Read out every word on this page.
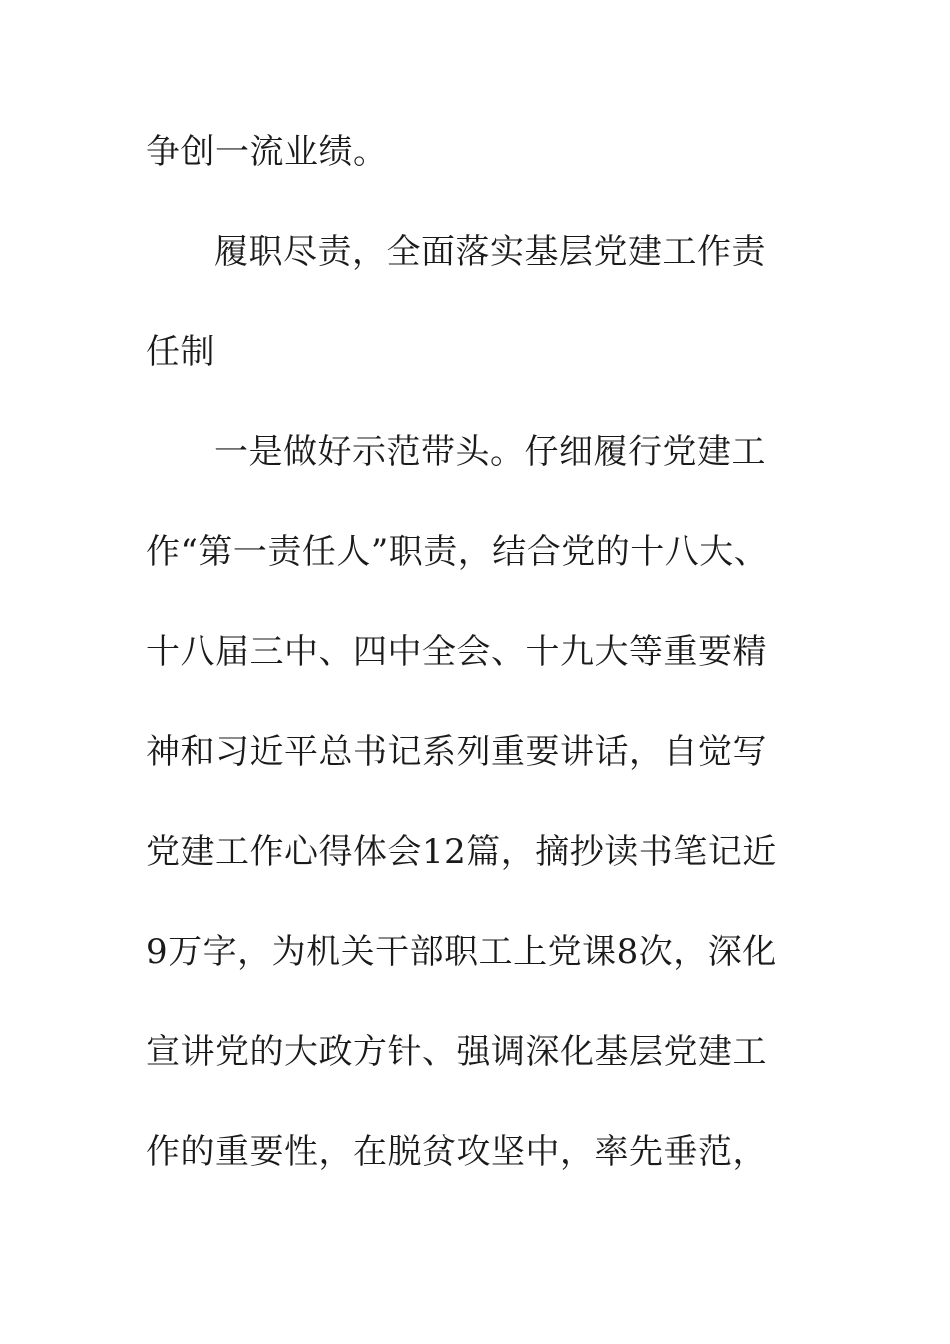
争创一流业绩。
履职尽责，全面落实基层党建工作责
任制
一是做好示范带头。仔细履行党建工
作“第一责任人”职责，结合党的十八大、
十八届三中、四中全会、十九大等重要精
神和习近平总书记系列重要讲话，自觉写
党建工作心得体会12篇，摘抄读书笔记近
9万字，为机关干部职工上党课8次，深化
宣讲党的大政方针、强调深化基层党建工
作的重要性，在脱贫攻坚中，率先垂范，
